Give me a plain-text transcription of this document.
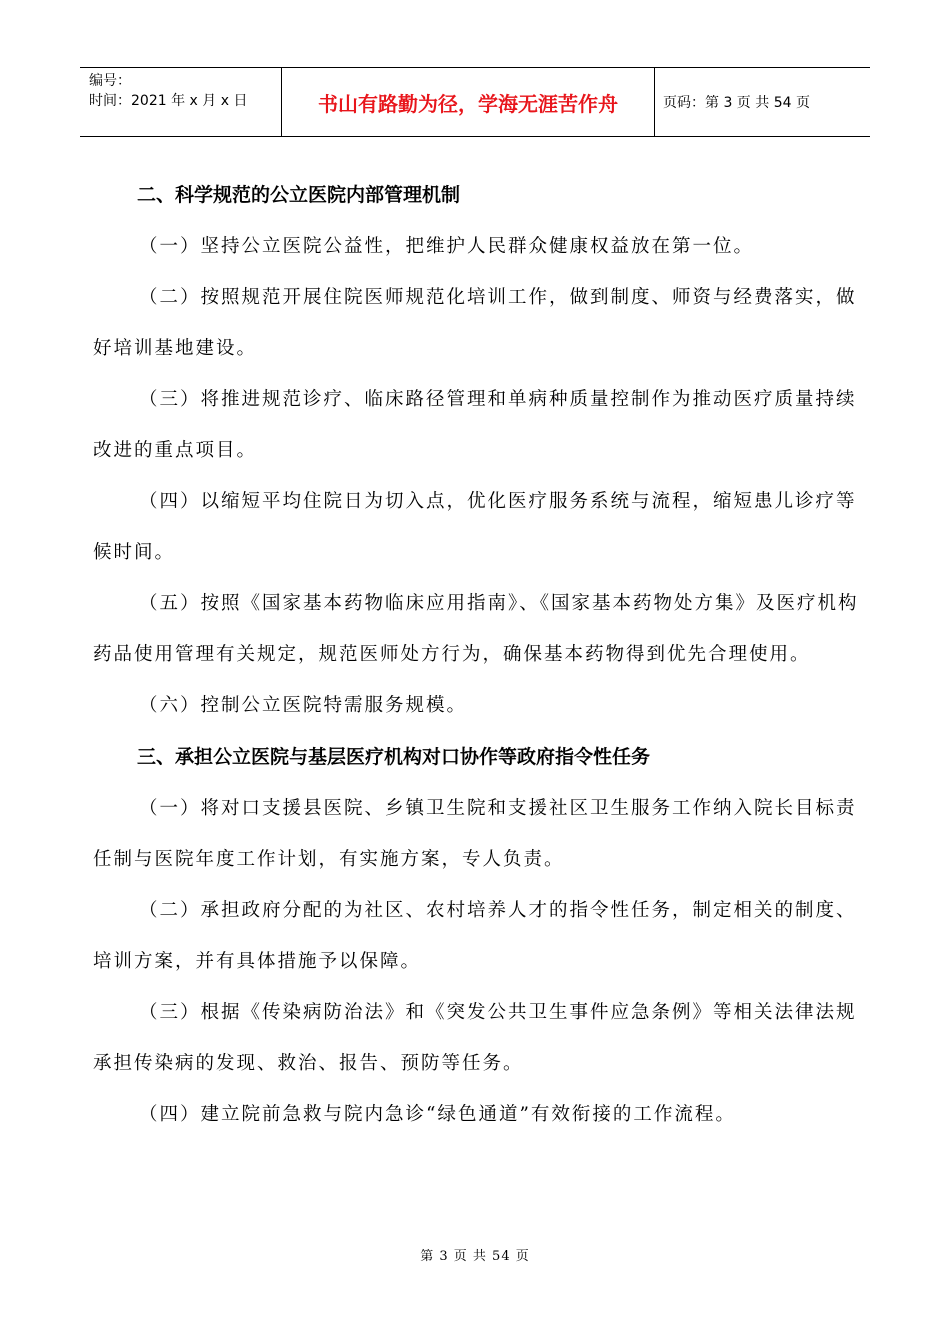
编号：
时间：2021 年 x 月 x 日	书山有路勤为径，学海无涯苦作舟	页码：第 3 页 共 54 页
二、科学规范的公立医院内部管理机制

（一）坚持公立医院公益性，把维护人民群众健康权益放在第一位。

（二）按照规范开展住院医师规范化培训工作，做到制度、师资与经费落实，做好培训基地建设。

（三）将推进规范诊疗、临床路径管理和单病种质量控制作为推动医疗质量持续改进的重点项目。

（四）以缩短平均住院日为切入点，优化医疗服务系统与流程，缩短患儿诊疗等候时间。

（五）按照《国家基本药物临床应用指南》、《国家基本药物处方集》及医疗机构药品使用管理有关规定，规范医师处方行为，确保基本药物得到优先合理使用。

（六）控制公立医院特需服务规模。

三、承担公立医院与基层医疗机构对口协作等政府指令性任务

（一）将对口支援县医院、乡镇卫生院和支援社区卫生服务工作纳入院长目标责任制与医院年度工作计划，有实施方案，专人负责。

（二）承担政府分配的为社区、农村培养人才的指令性任务，制定相关的制度、培训方案，并有具体措施予以保障。

（三）根据《传染病防治法》和《突发公共卫生事件应急条例》等相关法律法规承担传染病的发现、救治、报告、预防等任务。

（四）建立院前急救与院内急诊“绿色通道”有效衔接的工作流程。

第 3 页 共 54 页
